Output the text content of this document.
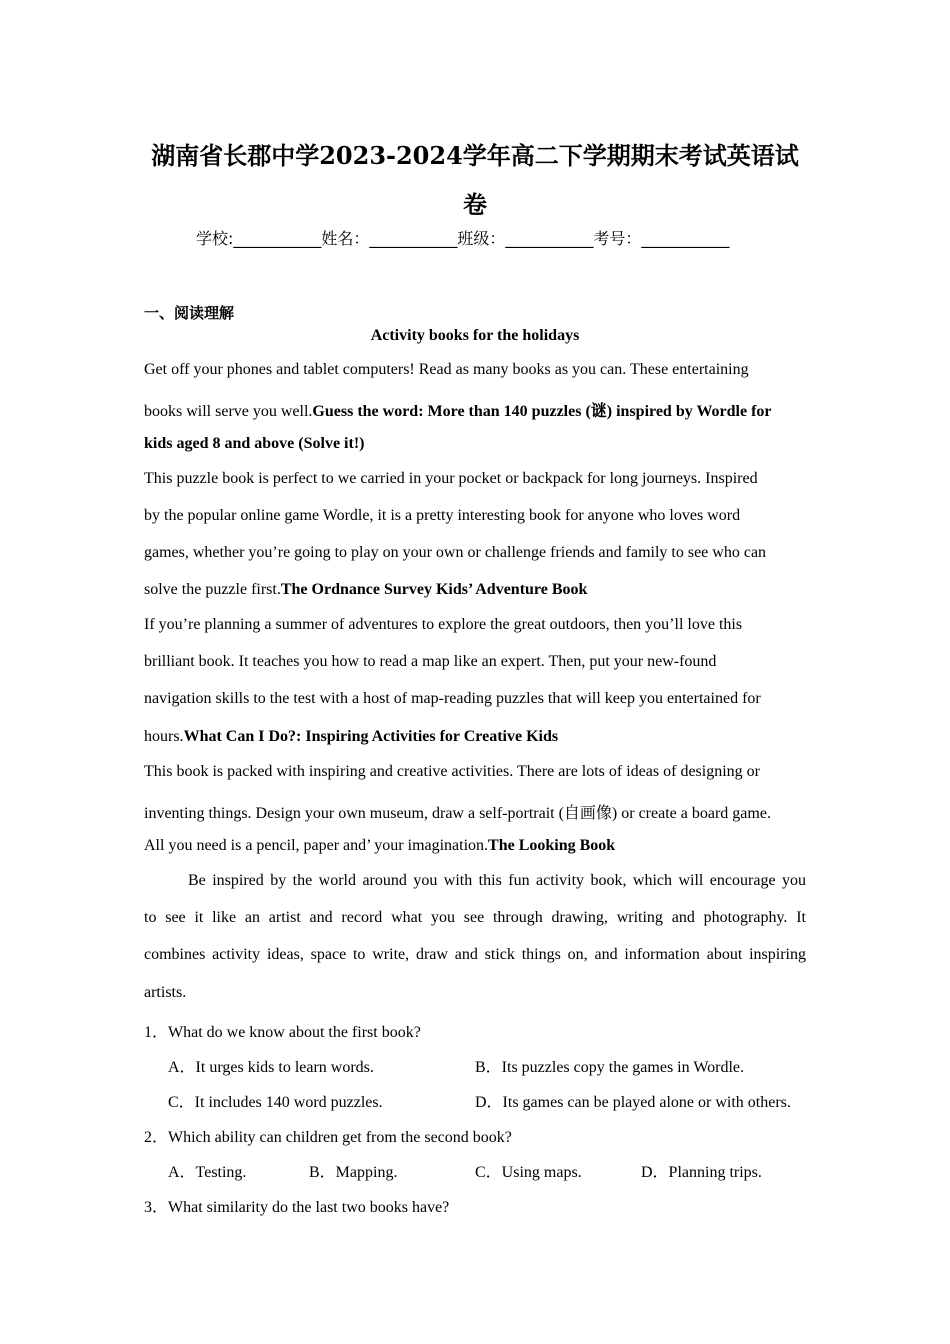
湖南省长郡中学2023-2024学年高二下学期期末考试英语试
卷
学校:___________姓名：___________班级：___________考号：___________
一、阅读理解
Activity books for the holidays
Get off your phones and tablet computers! Read as many books as you can. These entertaining
books will serve you well.Guess the word: More than 140 puzzles (谜) inspired by Wordle for
kids aged 8 and above (Solve it!)
This puzzle book is perfect to we carried in your pocket or backpack for long journeys. Inspired
by the popular online game Wordle, it is a pretty interesting book for anyone who loves word
games, whether you’re going to play on your own or challenge friends and family to see who can
solve the puzzle first.The Ordnance Survey Kids’ Adventure Book
If you’re planning a summer of adventures to explore the great outdoors, then you’ll love this
brilliant book. It teaches you how to read a map like an expert. Then, put your new-found
navigation skills to the test with a host of map-reading puzzles that will keep you entertained for
hours.What Can I Do?: Inspiring Activities for Creative Kids
This book is packed with inspiring and creative activities. There are lots of ideas of designing or
inventing things. Design your own museum, draw a self-portrait (自画像) or create a board game.
All you need is a pencil, paper and’ your imagination.The Looking Book
Be inspired by the world around you with this fun activity book, which will encourage you
to see it like an artist and record what you see through drawing, writing and photography. It
combines activity ideas, space to write, draw and stick things on, and information about inspiring
artists.
1．What do we know about the first book?
A．It urges kids to learn words.	B．Its puzzles copy the games in Wordle.
C．It includes 140 word puzzles.	D．Its games can be played alone or with others.
2．Which ability can children get from the second book?
A．Testing.	B．Mapping.	C．Using maps.	D．Planning trips.
3．What similarity do the last two books have?
